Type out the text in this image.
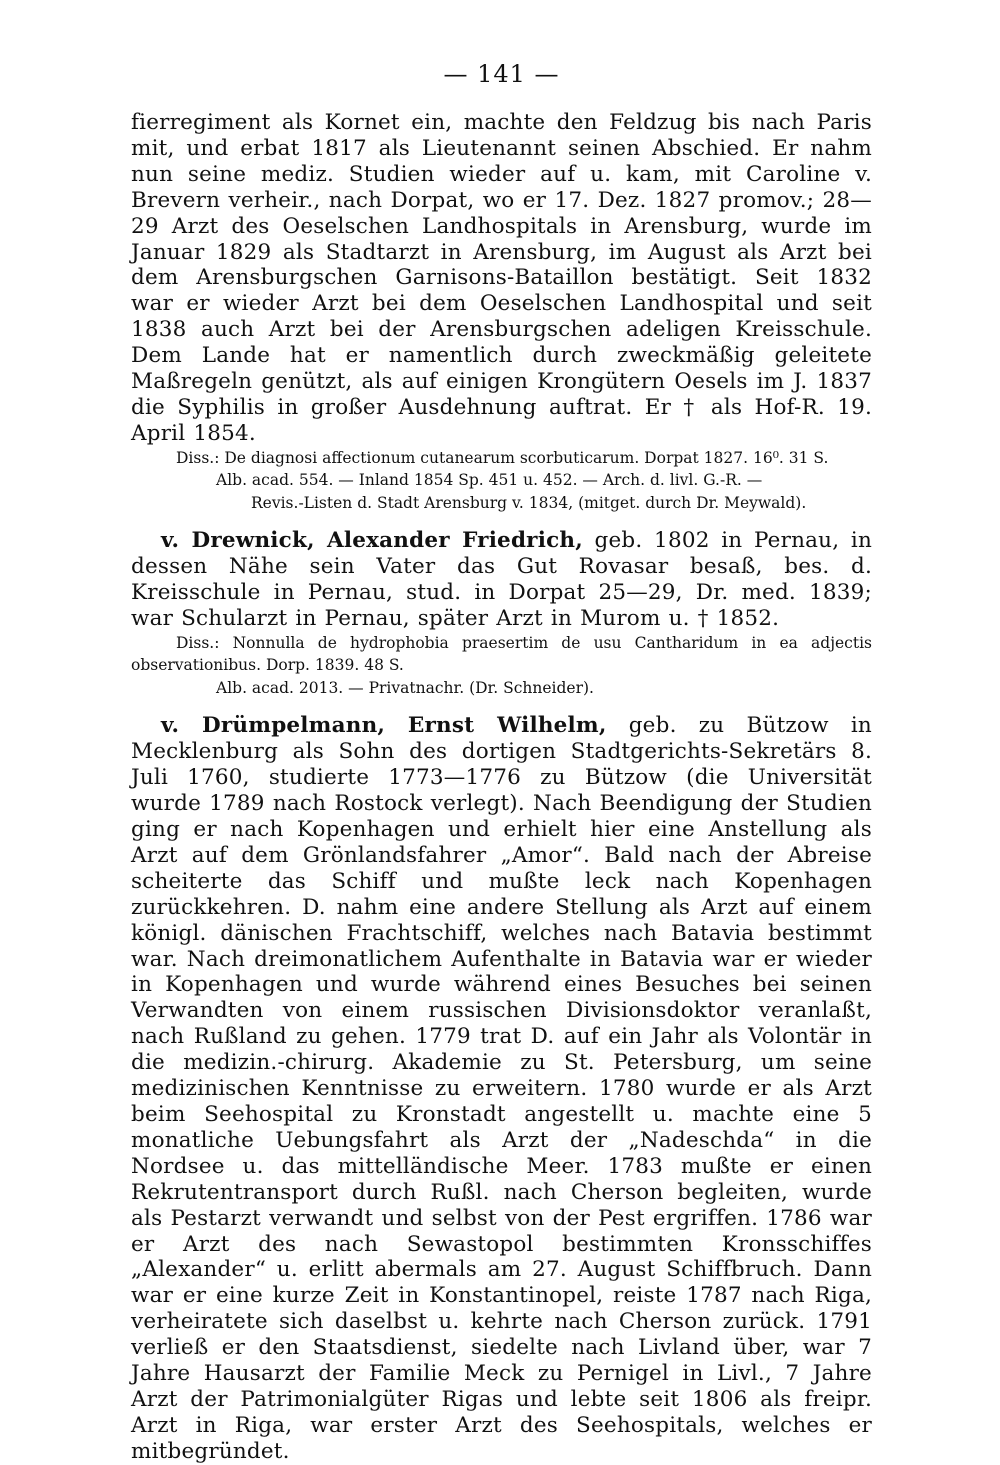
— 141 —

fierregiment als Kornet ein, machte den Feldzug bis nach Paris mit, und erbat 1817 als Lieutenannt seinen Abschied. Er nahm nun seine mediz. Studien wieder auf u. kam, mit Caroline v. Brevern verheir., nach Dorpat, wo er 17. Dez. 1827 promov.; 28—29 Arzt des Oeselschen Landhospitals in Arensburg, wurde im Januar 1829 als Stadtarzt in Arensburg, im August als Arzt bei dem Arensburgschen Garnisons-Bataillon bestätigt. Seit 1832 war er wieder Arzt bei dem Oeselschen Landhospital und seit 1838 auch Arzt bei der Arensburgschen adeligen Kreisschule. Dem Lande hat er namentlich durch zweckmäßig geleitete Maßregeln genützt, als auf einigen Krongütern Oesels im J. 1837 die Syphilis in großer Ausdehnung auftrat. Er † als Hof-R. 19. April 1854.

Diss.: De diagnosi affectionum cutanearum scorbuticarum. Dorpat 1827. 16⁰. 31 S.

Alb. acad. 554. — Inland 1854 Sp. 451 u. 452. — Arch. d. livl. G.-R. —

Revis.-Listen d. Stadt Arensburg v. 1834, (mitget. durch Dr. Meywald).

v. Drewnick, Alexander Friedrich, geb. 1802 in Pernau, in dessen Nähe sein Vater das Gut Rovasar besaß, bes. d. Kreisschule in Pernau, stud. in Dorpat 25—29, Dr. med. 1839; war Schularzt in Pernau, später Arzt in Murom u. † 1852.

Diss.: Nonnulla de hydrophobia praesertim de usu Cantharidum in ea adjectis observationibus. Dorp. 1839. 48 S.

Alb. acad. 2013. — Privatnachr. (Dr. Schneider).

v. Drümpelmann, Ernst Wilhelm, geb. zu Bützow in Mecklenburg als Sohn des dortigen Stadtgerichts-Sekretärs 8. Juli 1760, studierte 1773—1776 zu Bützow (die Universität wurde 1789 nach Rostock verlegt). Nach Beendigung der Studien ging er nach Kopenhagen und erhielt hier eine Anstellung als Arzt auf dem Grönlandsfahrer „Amor“. Bald nach der Abreise scheiterte das Schiff und mußte leck nach Kopenhagen zurückkehren. D. nahm eine andere Stellung als Arzt auf einem königl. dänischen Frachtschiff, welches nach Batavia bestimmt war. Nach dreimonatlichem Aufenthalte in Batavia war er wieder in Kopenhagen und wurde während eines Besuches bei seinen Verwandten von einem russischen Divisionsdoktor veranlaßt, nach Rußland zu gehen. 1779 trat D. auf ein Jahr als Volontär in die medizin.-chirurg. Akademie zu St. Petersburg, um seine medizinischen Kenntnisse zu erweitern. 1780 wurde er als Arzt beim Seehospital zu Kronstadt angestellt u. machte eine 5 monatliche Uebungsfahrt als Arzt der „Nadeschda“ in die Nordsee u. das mittelländische Meer. 1783 mußte er einen Rekrutentransport durch Rußl. nach Cherson begleiten, wurde als Pestarzt verwandt und selbst von der Pest ergriffen. 1786 war er Arzt des nach Sewastopol bestimmten Kronsschiffes „Alexander“ u. erlitt abermals am 27. August Schiffbruch. Dann war er eine kurze Zeit in Konstantinopel, reiste 1787 nach Riga, verheiratete sich daselbst u. kehrte nach Cherson zurück. 1791 verließ er den Staatsdienst, siedelte nach Livland über, war 7 Jahre Hausarzt der Familie Meck zu Pernigel in Livl., 7 Jahre Arzt der Patrimonialgüter Rigas und lebte seit 1806 als freipr. Arzt in Riga, war erster Arzt des Seehospitals, welches er mitbegründet.
